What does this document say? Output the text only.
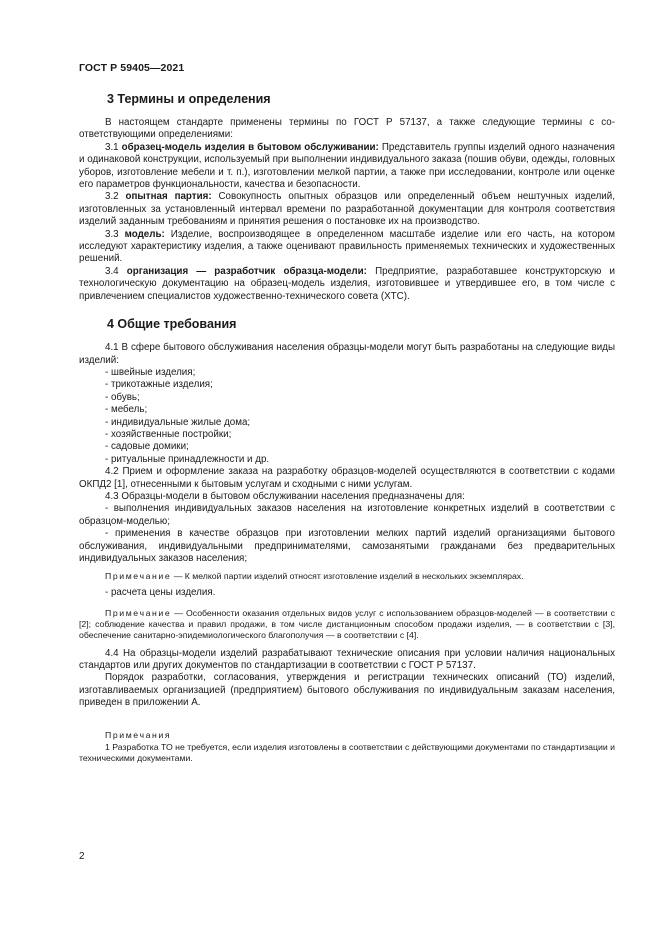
ГОСТ Р 59405—2021
3 Термины и определения

В настоящем стандарте применены термины по ГОСТ Р 57137, а также следующие термины с соответствующими определениями:

3.1 образец-модель изделия в бытовом обслуживании: Представитель группы изделий одного назначения и одинаковой конструкции, используемый при выполнении индивидуального заказа (пошив обуви, одежды, головных уборов, изготовление мебели и т. п.), изготовлении мелкой партии, а также при исследовании, контроле или оценке его параметров функциональности, качества и безопасности.

3.2 опытная партия: Совокупность опытных образцов или определенный объем нештучных изделий, изготовленных за установленный интервал времени по разработанной документации для контроля соответствия изделий заданным требованиям и принятия решения о постановке их на производство.

3.3 модель: Изделие, воспроизводящее в определенном масштабе изделие или его часть, на котором исследуют характеристику изделия, а также оценивают правильность применяемых технических и художественных решений.

3.4 организация — разработчик образца-модели: Предприятие, разработавшее конструкторскую и технологическую документацию на образец-модель изделия, изготовившее и утвердившее его, в том числе с привлечением специалистов художественно-технического совета (ХТС).

4 Общие требования

4.1 В сфере бытового обслуживания населения образцы-модели могут быть разработаны на следующие виды изделий:

- швейные изделия;
- трикотажные изделия;
- обувь;
- мебель;
- индивидуальные жилые дома;
- хозяйственные постройки;
- садовые домики;
- ритуальные принадлежности и др.

4.2 Прием и оформление заказа на разработку образцов-моделей осуществляются в соответствии с кодами ОКПД2 [1], отнесенными к бытовым услугам и сходными с ними услугам.

4.3 Образцы-модели в бытовом обслуживании населения предназначены для:

- выполнения индивидуальных заказов населения на изготовление конкретных изделий в соответствии с образцом-моделью;

- применения в качестве образцов при изготовлении мелких партий изделий организациями бытового обслуживания, индивидуальными предпринимателями, самозанятыми гражданами без предварительных индивидуальных заказов населения;

Примечание — К мелкой партии изделий относят изготовление изделий в нескольких экземплярах.

- расчета цены изделия.

Примечание — Особенности оказания отдельных видов услуг с использованием образцов-моделей — в соответствии с [2]; соблюдение качества и правил продажи, в том числе дистанционным способом продажи изделия, — в соответствии с [3], обеспечение санитарно-эпидемиологического благополучия — в соответствии с [4].

4.4 На образцы-модели изделий разрабатывают технические описания при условии наличия национальных стандартов или других документов по стандартизации в соответствии с ГОСТ Р 57137.

Порядок разработки, согласования, утверждения и регистрации технических описаний (ТО) изделий, изготавливаемых организацией (предприятием) бытового обслуживания по индивидуальным заказам населения, приведен в приложении А.

Примечания
1 Разработка ТО не требуется, если изделия изготовлены в соответствии с действующими документами по стандартизации и техническими документами.
2
